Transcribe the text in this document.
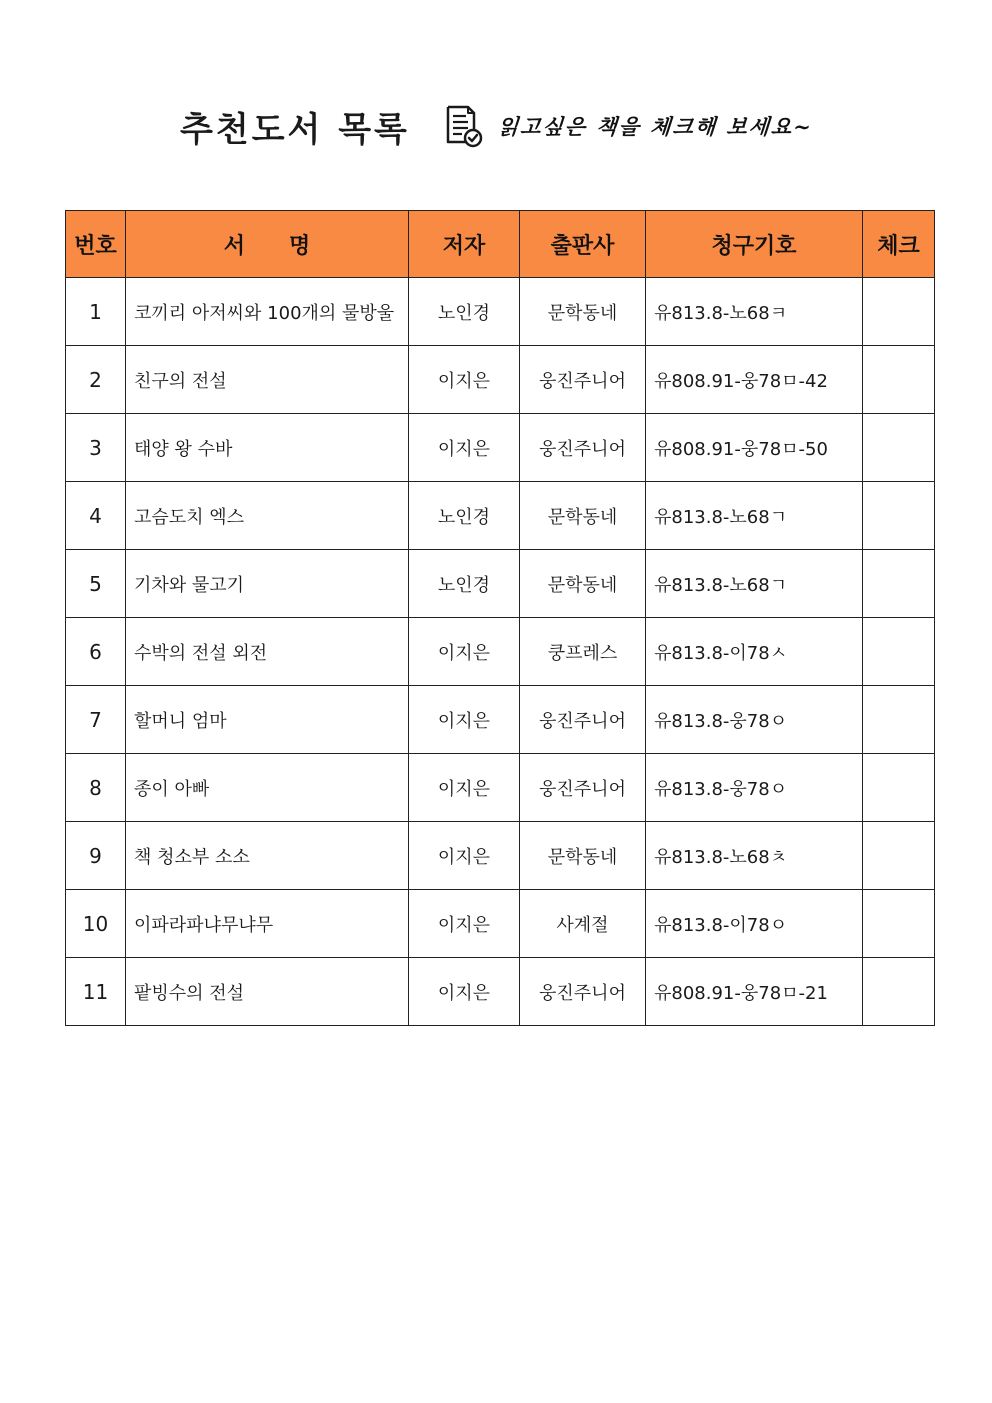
추천도서 목록	읽고싶은 책을 체크해 보세요~
번호	서　　명	저자	출판사	청구기호	체크
1	코끼리 아저씨와 100개의 물방울	노인경	문학동네	유813.8-노68ㅋ	
2	친구의 전설	이지은	웅진주니어	유808.91-웅78ㅁ-42	
3	태양 왕 수바	이지은	웅진주니어	유808.91-웅78ㅁ-50	
4	고슴도치 엑스	노인경	문학동네	유813.8-노68ㄱ	
5	기차와 물고기	노인경	문학동네	유813.8-노68ㄱ	
6	수박의 전설 외전	이지은	쿵프레스	유813.8-이78ㅅ	
7	할머니 엄마	이지은	웅진주니어	유813.8-웅78ㅇ	
8	종이 아빠	이지은	웅진주니어	유813.8-웅78ㅇ	
9	책 청소부 소소	이지은	문학동네	유813.8-노68ㅊ	
10	이파라파냐무냐무	이지은	사계절	유813.8-이78ㅇ	
11	팥빙수의 전설	이지은	웅진주니어	유808.91-웅78ㅁ-21	
